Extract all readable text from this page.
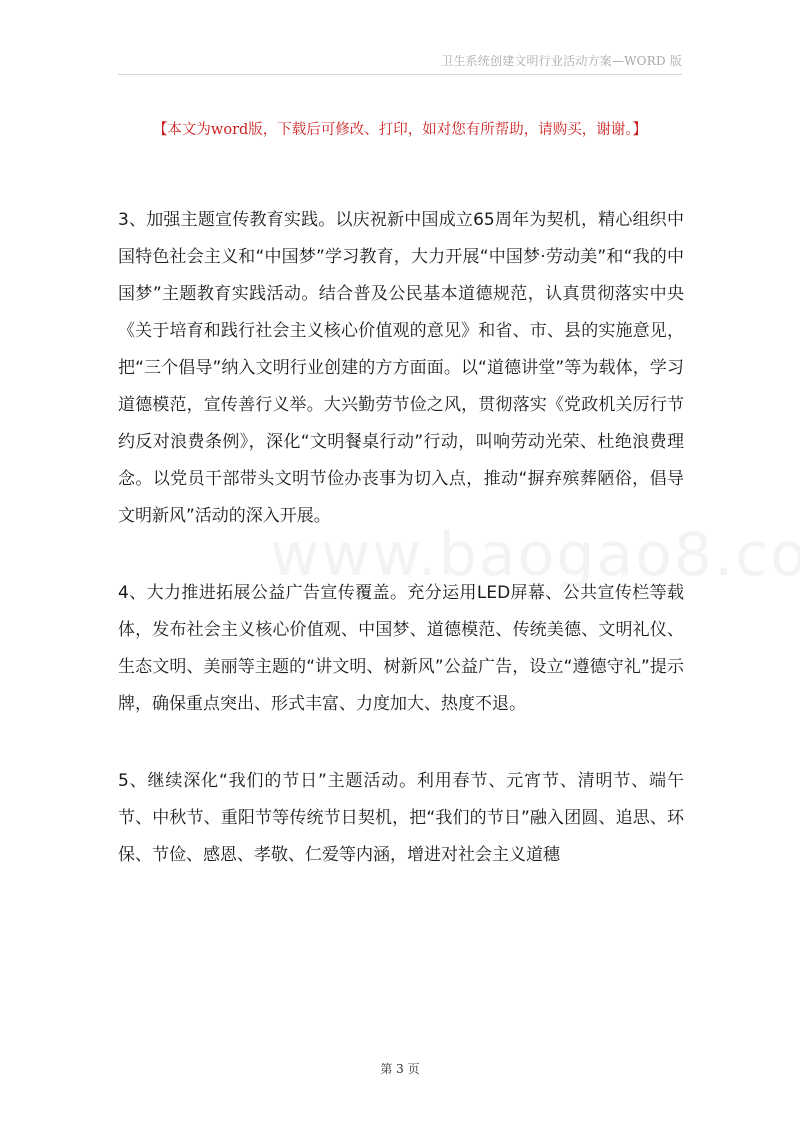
卫生系统创建文明行业活动方案—WORD 版
【本文为word版，下载后可修改、打印，如对您有所帮助，请购买，谢谢。】

3、加强主题宣传教育实践。以庆祝新中国成立65周年为契机，精心组织中国特色社会主义和“中国梦”学习教育，大力开展“中国梦·劳动美”和“我的中国梦”主题教育实践活动。结合普及公民基本道德规范，认真贯彻落实中央《关于培育和践行社会主义核心价值观的意见》和省、市、县的实施意见，把“三个倡导”纳入文明行业创建的方方面面。以“道德讲堂”等为载体，学习道德模范，宣传善行义举。大兴勤劳节俭之风，贯彻落实《党政机关厉行节约反对浪费条例》，深化“文明餐桌行动”行动，叫响劳动光荣、杜绝浪费理念。以党员干部带头文明节俭办丧事为切入点，推动“摒弃殡葬陋俗，倡导文明新风”活动的深入开展。

4、大力推进拓展公益广告宣传覆盖。充分运用LED屏幕、公共宣传栏等载体，发布社会主义核心价值观、中国梦、道德模范、传统美德、文明礼仪、生态文明、美丽等主题的“讲文明、树新风”公益广告，设立“遵德守礼”提示牌，确保重点突出、形式丰富、力度加大、热度不退。

5、继续深化“我们的节日”主题活动。利用春节、元宵节、清明节、端午节、中秋节、重阳节等传统节日契机，把“我们的节日”融入团圆、追思、环保、节俭、感恩、孝敬、仁爱等内涵，增进对社会主义道穗

第 3 页
